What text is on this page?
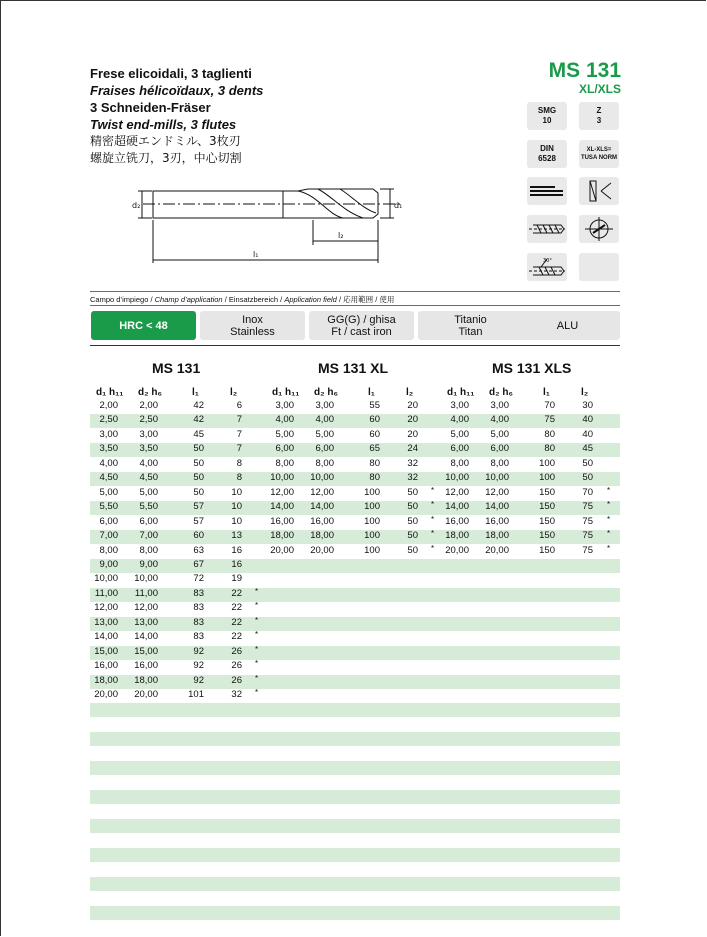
Frese elicoidali, 3 taglienti
Fraises hélicoïdaux, 3 dents
3 Schneiden-Fräser
Twist end-mills, 3 flutes
精密超硬エンドミル、3枚刃
螺旋立铣刀，3刃，中心切割
MS 131
XL/XLS
SMG
10
Z
3
DIN
6528
XL-XLS=
TUSA NORM
30°
d₂	d₁
l₂
l₁
Campo d’impiego / Champ d’application / Einsatzbereich / Application field / 応用範囲 / 使用
HRC < 48	Inox
Stainless
GG(G) / ghisa
Ft / cast iron
Titanio
Titan	ALU
MS 131	MS 131 XL	MS 131 XLS
d₁ h₁₁ d₂ h₆	l₁	l₂
2,00	2,00	42	6
2,50	2,50	42	7
3,00	3,00	45	7
3,50	3,50	50	7
4,00	4,00	50	8
4,50	4,50	50	8
5,00	5,00	50	10
5,50	5,50	57	10
6,00	6,00	57	10
7,00	7,00	60	13
8,00	8,00	63	16
9,00	9,00	67	16
10,00	10,00	72	19
11,00	11,00	83	22 *
12,00	12,00	83	22 *
13,00	13,00	83	22 *
14,00	14,00	83	22 *
15,00	15,00	92	26 *
16,00	16,00	92	26 *
18,00	18,00	92	26 *
20,00	20,00	101	32 *
d₁ h₁₁ d₂ h₆	l₁	l₂
3,00	3,00	55	20
4,00	4,00	60	20
5,00	5,00	60	20
6,00	6,00	65	24
8,00	8,00	80	32
10,00	10,00	80	32
12,00	12,00	100	50 *
14,00	14,00	100	50 *
16,00	16,00	100	50 *
18,00	18,00	100	50 *
20,00	20,00	100	50 *
d₁ h₁₁ d₂ h₆	l₁	l₂
3,00	3,00	70	30
4,00	4,00	75	40
5,00	5,00	80	40
6,00	6,00	80	45
8,00	8,00	100	50
10,00	10,00	100	50
12,00	12,00	150	70 *
14,00	14,00	150	75 *
16,00	16,00	150	75 *
18,00	18,00	150	75 *
20,00	20,00	150	75 *
